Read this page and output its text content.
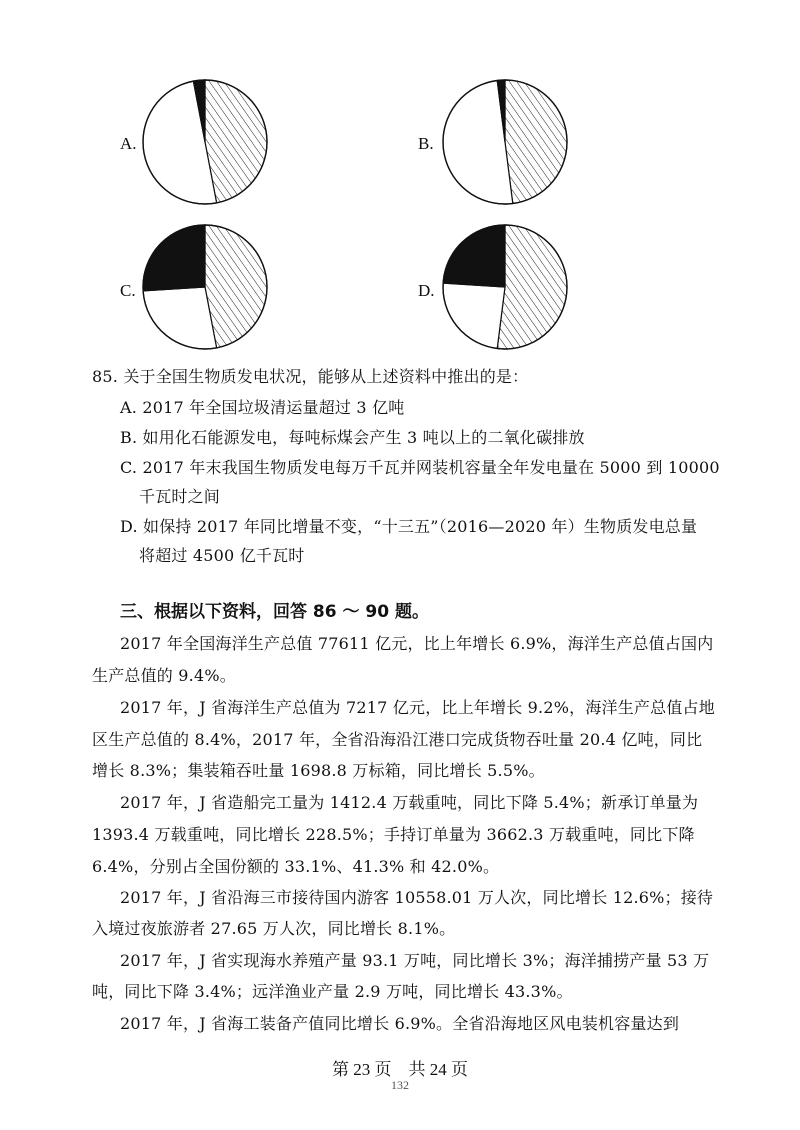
A.	B.
C.	D.
85. 关于全国生物质发电状况，能够从上述资料中推出的是：
A. 2017 年全国垃圾清运量超过 3 亿吨
B. 如用化石能源发电，每吨标煤会产生 3 吨以上的二氧化碳排放
C. 2017 年末我国生物质发电每万千瓦并网装机容量全年发电量在 5000 到 10000
千瓦时之间
D. 如保持 2017 年同比增量不变，“十三五”（2016—2020 年）生物质发电总量
将超过 4500 亿千瓦时
三、根据以下资料，回答 86 ～ 90 题。
2017 年全国海洋生产总值 77611 亿元，比上年增长 6.9%，海洋生产总值占国内
生产总值的 9.4%。
2017 年，J 省海洋生产总值为 7217 亿元，比上年增长 9.2%，海洋生产总值占地
区生产总值的 8.4%，2017 年，全省沿海沿江港口完成货物吞吐量 20.4 亿吨，同比
增长 8.3%；集装箱吞吐量 1698.8 万标箱，同比增长 5.5%。
2017 年，J 省造船完工量为 1412.4 万载重吨，同比下降 5.4%；新承订单量为
1393.4 万载重吨，同比增长 228.5%；手持订单量为 3662.3 万载重吨，同比下降
6.4%，分别占全国份额的 33.1%、41.3% 和 42.0%。
2017 年，J 省沿海三市接待国内游客 10558.01 万人次，同比增长 12.6%；接待
入境过夜旅游者 27.65 万人次，同比增长 8.1%。
2017 年，J 省实现海水养殖产量 93.1 万吨，同比增长 3%；海洋捕捞产量 53 万
吨，同比下降 3.4%；远洋渔业产量 2.9 万吨，同比增长 43.3%。
2017 年，J 省海工装备产值同比增长 6.9%。全省沿海地区风电装机容量达到
第 23 页　共 24 页
132
